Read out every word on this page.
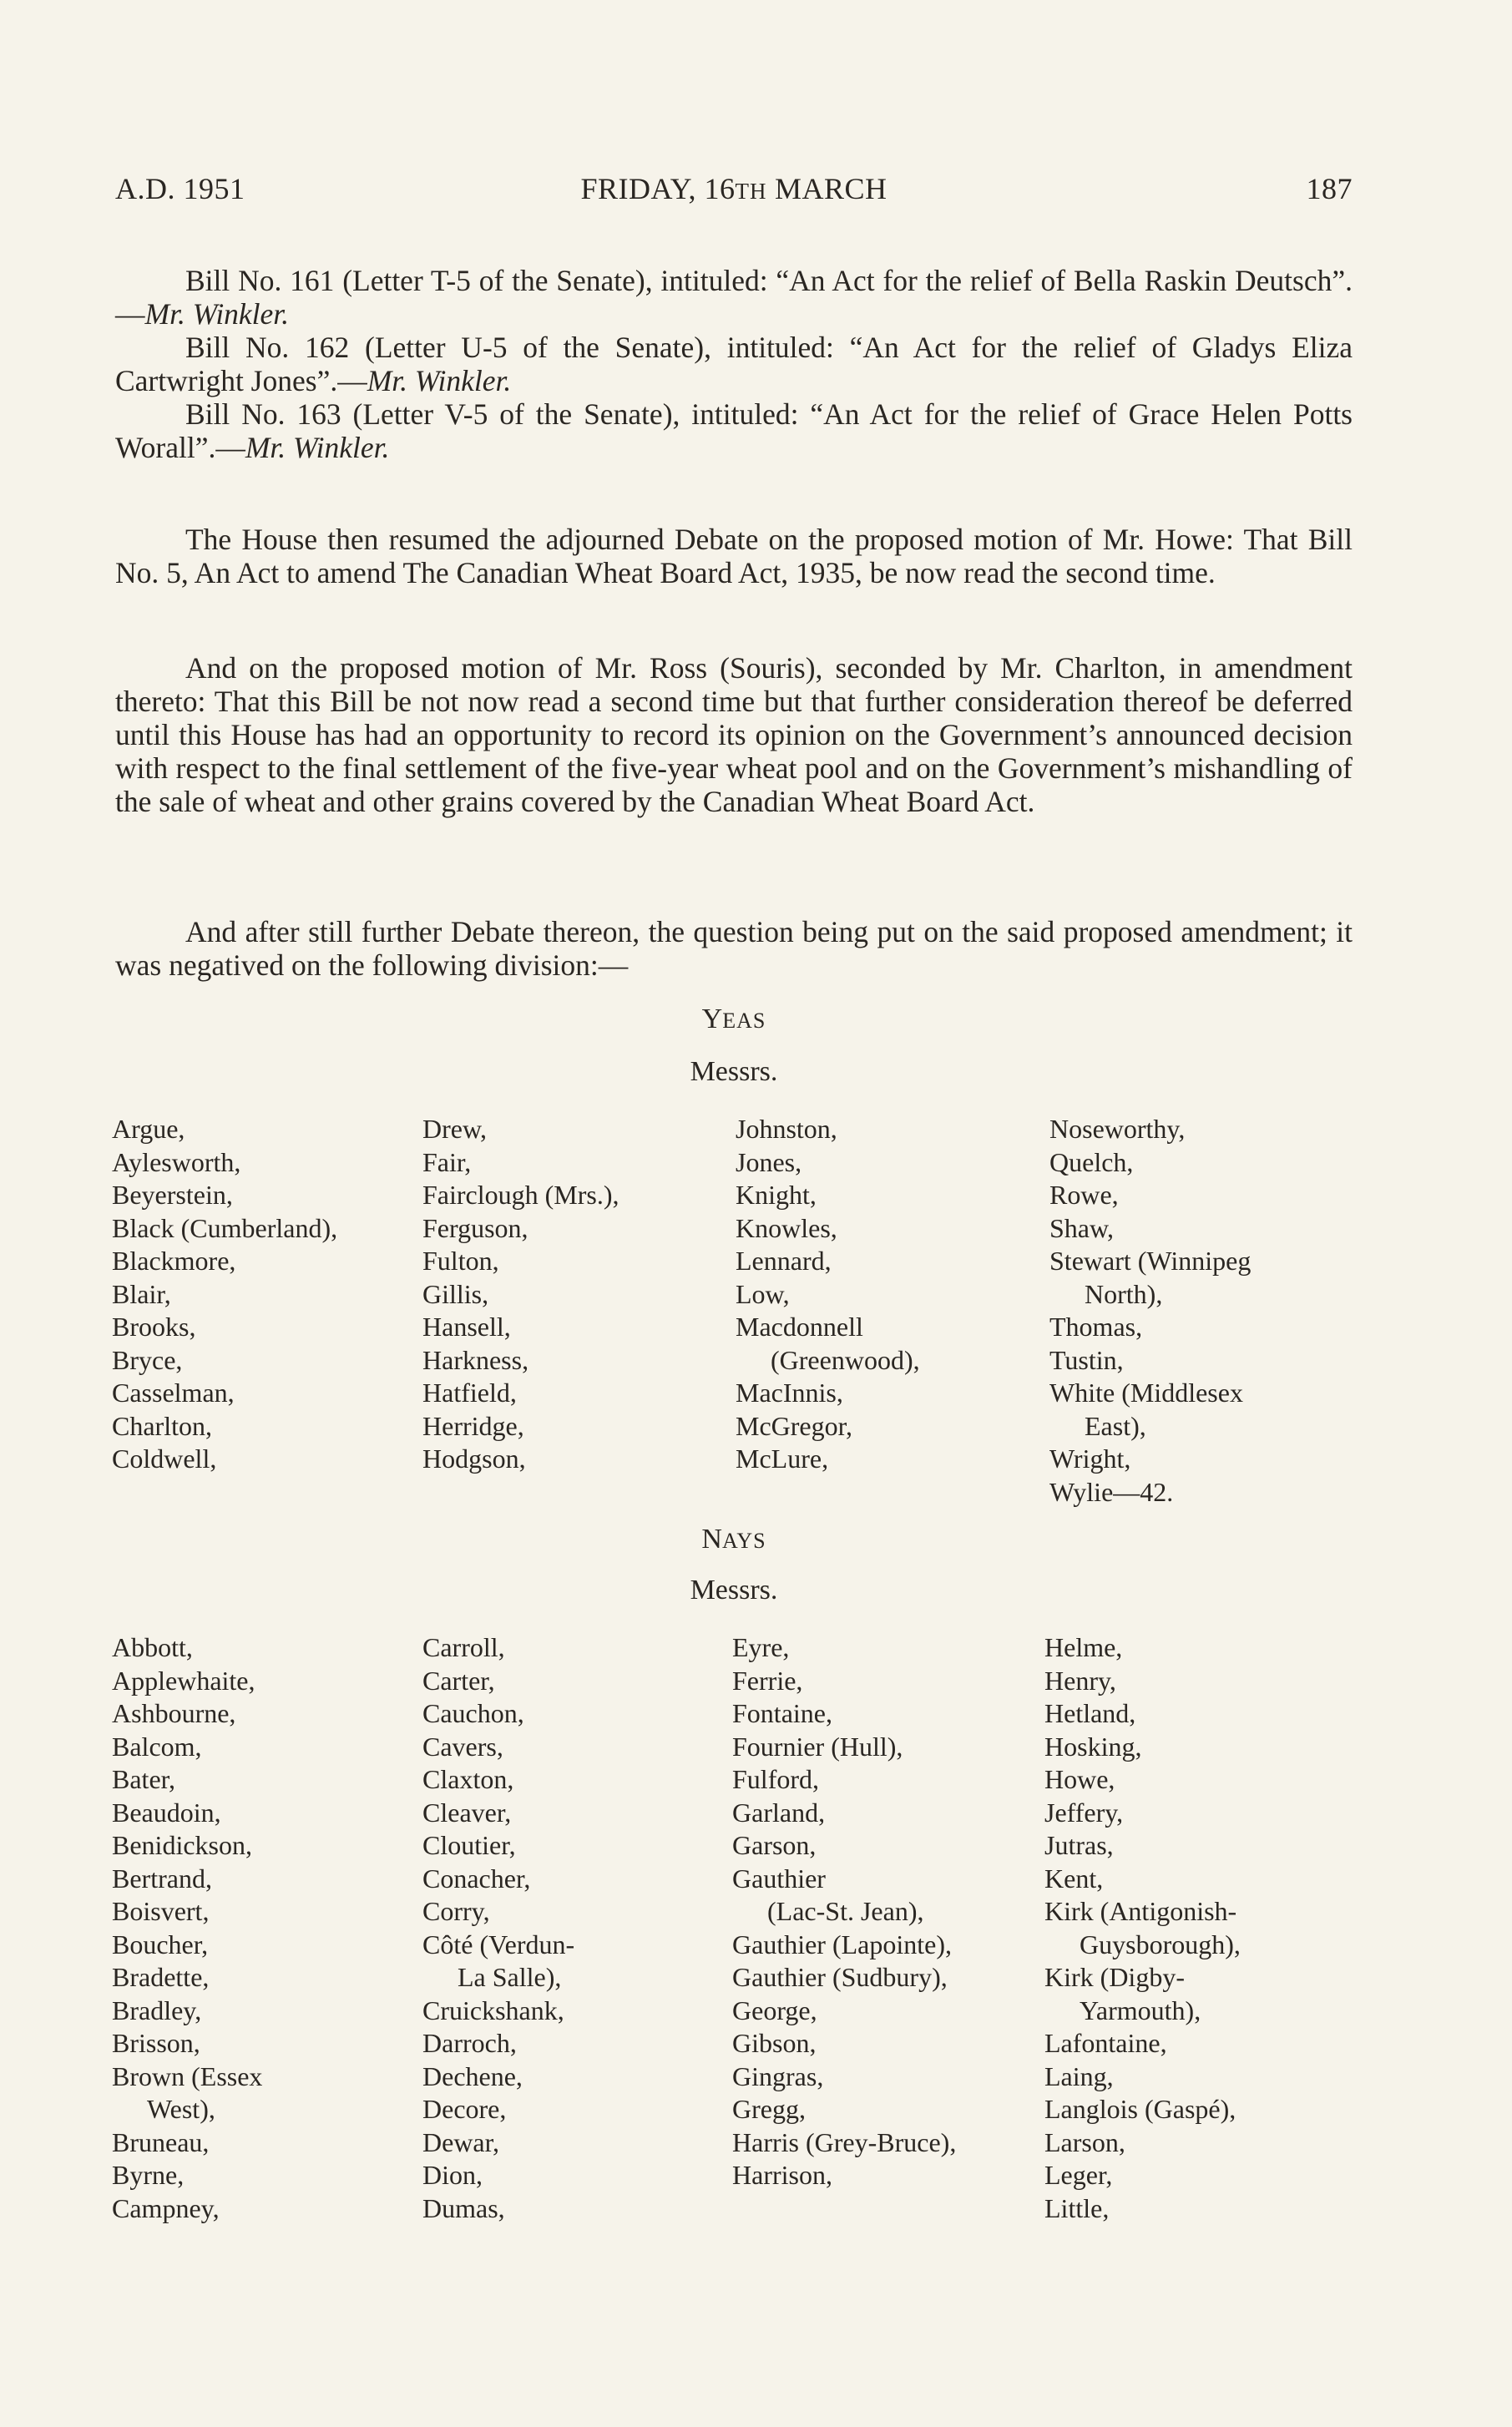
A.D. 1951	FRIDAY, 16TH MARCH	187

Bill No. 161 (Letter T-5 of the Senate), intituled: “An Act for the relief of Bella Raskin Deutsch”.—Mr. Winkler.

Bill No. 162 (Letter U-5 of the Senate), intituled: “An Act for the relief of Gladys Eliza Cartwright Jones”.—Mr. Winkler.

Bill No. 163 (Letter V-5 of the Senate), intituled: “An Act for the relief of Grace Helen Potts Worall”.—Mr. Winkler.

The House then resumed the adjourned Debate on the proposed motion of Mr. Howe: That Bill No. 5, An Act to amend The Canadian Wheat Board Act, 1935, be now read the second time.

And on the proposed motion of Mr. Ross (Souris), seconded by Mr. Charlton, in amendment thereto: That this Bill be not now read a second time but that further consideration thereof be deferred until this House has had an opportunity to record its opinion on the Government’s announced decision with respect to the final settlement of the five-year wheat pool and on the Government’s mishandling of the sale of wheat and other grains covered by the Canadian Wheat Board Act.

And after still further Debate thereon, the question being put on the said proposed amendment; it was negatived on the following division:—

YEAS
Messrs.
Argue,
Aylesworth,
Beyerstein,
Black (Cumberland),
Blackmore,
Blair,
Brooks,
Bryce,
Casselman,
Charlton,
Coldwell,
Drew,
Fair,
Fairclough (Mrs.),
Ferguson,
Fulton,
Gillis,
Hansell,
Harkness,
Hatfield,
Herridge,
Hodgson,
Johnston,
Jones,
Knight,
Knowles,
Lennard,
Low,
Macdonnell
(Greenwood),
MacInnis,
McGregor,
McLure,
Noseworthy,
Quelch,
Rowe,
Shaw,
Stewart (Winnipeg
North),
Thomas,
Tustin,
White (Middlesex
East),
Wright,
Wylie—42.
NAYS
Messrs.
Abbott,
Applewhaite,
Ashbourne,
Balcom,
Bater,
Beaudoin,
Benidickson,
Bertrand,
Boisvert,
Boucher,
Bradette,
Bradley,
Brisson,
Brown (Essex
West),
Bruneau,
Byrne,
Campney,
Carroll,
Carter,
Cauchon,
Cavers,
Claxton,
Cleaver,
Cloutier,
Conacher,
Corry,
Côté (Verdun-
La Salle),
Cruickshank,
Darroch,
Dechene,
Decore,
Dewar,
Dion,
Dumas,
Eyre,
Ferrie,
Fontaine,
Fournier (Hull),
Fulford,
Garland,
Garson,
Gauthier
(Lac-St. Jean),
Gauthier (Lapointe),
Gauthier (Sudbury),
George,
Gibson,
Gingras,
Gregg,
Harris (Grey-Bruce),
Harrison,
Helme,
Henry,
Hetland,
Hosking,
Howe,
Jeffery,
Jutras,
Kent,
Kirk (Antigonish-
Guysborough),
Kirk (Digby-
Yarmouth),
Lafontaine,
Laing,
Langlois (Gaspé),
Larson,
Leger,
Little,
